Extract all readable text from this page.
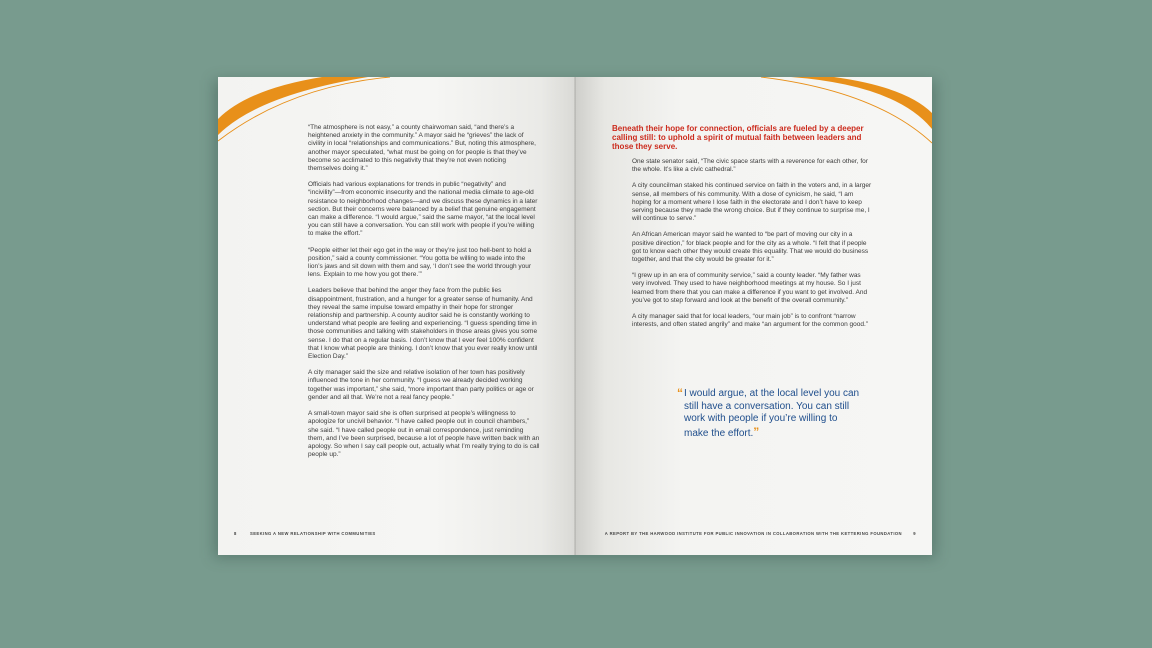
“The atmosphere is not easy,” a county chairwoman said, “and there’s a heightened anxiety in the community.” A mayor said he “grieves” the lack of civility in local “relationships and communications.” But, noting this atmosphere, another mayor speculated, “what must be going on for people is that they’ve become so acclimated to this negativity that they’re not even noticing themselves doing it.”

Officials had various explanations for trends in public “negativity” and “incivility”—from economic insecurity and the national media climate to age-old resistance to neighborhood changes—and we discuss these dynamics in a later section. But their concerns were balanced by a belief that genuine engagement can make a difference. “I would argue,” said the same mayor, “at the local level you can still have a conversation. You can still work with people if you’re willing to make the effort.”

“People either let their ego get in the way or they’re just too hell-bent to hold a position,” said a county commissioner. “You gotta be willing to wade into the lion’s jaws and sit down with them and say, ‘I don’t see the world through your lens. Explain to me how you got there.’”

Leaders believe that behind the anger they face from the public lies disappointment, frustration, and a hunger for a greater sense of humanity. And they reveal the same impulse toward empathy in their hope for stronger relationship and partnership. A county auditor said he is constantly working to understand what people are feeling and experiencing. “I guess spending time in those communities and talking with stakeholders in those areas gives you some sense. I do that on a regular basis. I don’t know that I ever feel 100% confident that I know what people are thinking. I don’t know that you ever really know until Election Day.”

A city manager said the size and relative isolation of her town has positively influenced the tone in her community. “I guess we already decided working together was important,” she said, “more important than party politics or age or gender and all that. We’re not a real fancy people.”

A small-town mayor said she is often surprised at people’s willingness to apologize for uncivil behavior. “I have called people out in council chambers,” she said. “I have called people out in email correspondence, just reminding them, and I’ve been surprised, because a lot of people have written back with an apology. So when I say call people out, actually what I’m really trying to do is call people up.”

8	SEEKING A NEW RELATIONSHIP WITH COMMUNITIES

Beneath their hope for connection, officials are fueled by a deeper calling still: to uphold a spirit of mutual faith between leaders and those they serve.

One state senator said, “The civic space starts with a reverence for each other, for the whole. It’s like a civic cathedral.”

A city councilman staked his continued service on faith in the voters and, in a larger sense, all members of his community. With a dose of cynicism, he said, “I am hoping for a moment where I lose faith in the electorate and I don’t have to keep serving because they made the wrong choice. But if they continue to surprise me, I will continue to serve.”

An African American mayor said he wanted to “be part of moving our city in a positive direction,” for black people and for the city as a whole. “I felt that if people got to know each other they would create this equality. That we would do business together, and that the city would be greater for it.”

“I grew up in an era of community service,” said a county leader. “My father was very involved. They used to have neighborhood meetings at my house. So I just learned from there that you can make a difference if you want to get involved. And you’ve got to step forward and look at the benefit of the overall community.”

A city manager said that for local leaders, “our main job” is to confront “narrow interests, and often stated angrily” and make “an argument for the common good.”

“ I would argue, at the local level you can still have a conversation. You can still work with people if you’re willing to make the effort.”

A REPORT BY THE HARWOOD INSTITUTE FOR PUBLIC INNOVATION IN COLLABORATION WITH THE KETTERING FOUNDATION	9
